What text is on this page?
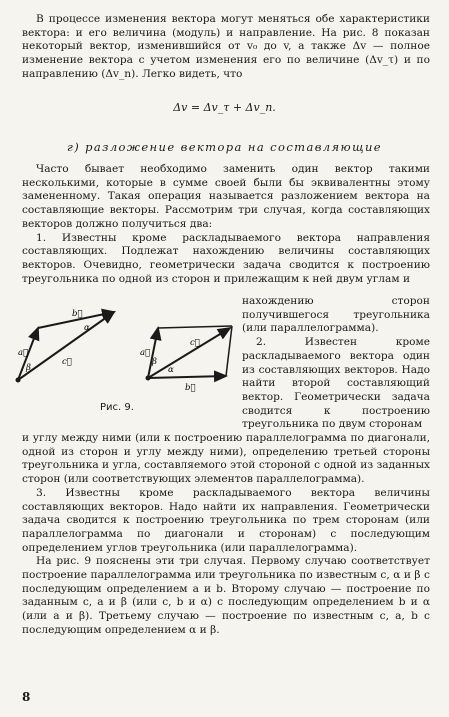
В процессе изменения вектора могут меняться обе характеристики вектора: и его величина (модуль) и направление. На рис. 8 показан некоторый вектор, изменившийся от v₀ до v, а также Δv — полное изменение вектора с учетом изменения его по величине (Δv_τ) и по направлению (Δv_n). Легко видеть, что

Δv = Δv_τ + Δv_n.
г) разложение вектора на составляющие

Часто бывает необходимо заменить один вектор такими несколькими, которые в сумме своей были бы эквивалентны этому замененному. Такая операция называется разложением вектора на составляющие векторы. Рассмотрим три случая, когда составляющих векторов должно получиться два:

1. Известны кроме раскладываемого вектора направления составляющих. Подлежат нахождению величины составляющих векторов. Очевидно, геометрически задача сводится к построению треугольника по одной из сторон и прилежащим к ней двум углам и

нахождению сторон получившегося треугольника (или параллелограмма).

2. Известен кроме раскладываемого вектора один из составляющих векторов. Надо найти второй составляющий вектор. Геометрически задача сводится к построению треугольника по двум сторонам

a⃗
b⃗
c⃗
α
β
a⃗
b⃗
c⃗
α
β
Рис. 9.

и углу между ними (или к построению параллелограмма по диагонали, одной из сторон и углу между ними), определению третьей стороны треугольника и угла, составляемого этой стороной с одной из заданных сторон (или соответствующих элементов параллелограмма).

3. Известны кроме раскладываемого вектора величины составляющих векторов. Надо найти их направления. Геометрически задача сводится к построению треугольника по трем сторонам (или параллелограмма по диагонали и сторонам) с последующим определением углов треугольника (или параллелограмма).

На рис. 9 пояснены эти три случая. Первому случаю соответствует построение параллелограмма или треугольника по известным c, α и β с последующим определением a и b. Второму случаю — построение по заданным c, a и β (или c, b и α) с последующим определением b и α (или a и β). Третьему случаю — построение по известным c, a, b с последующим определением α и β.

8
